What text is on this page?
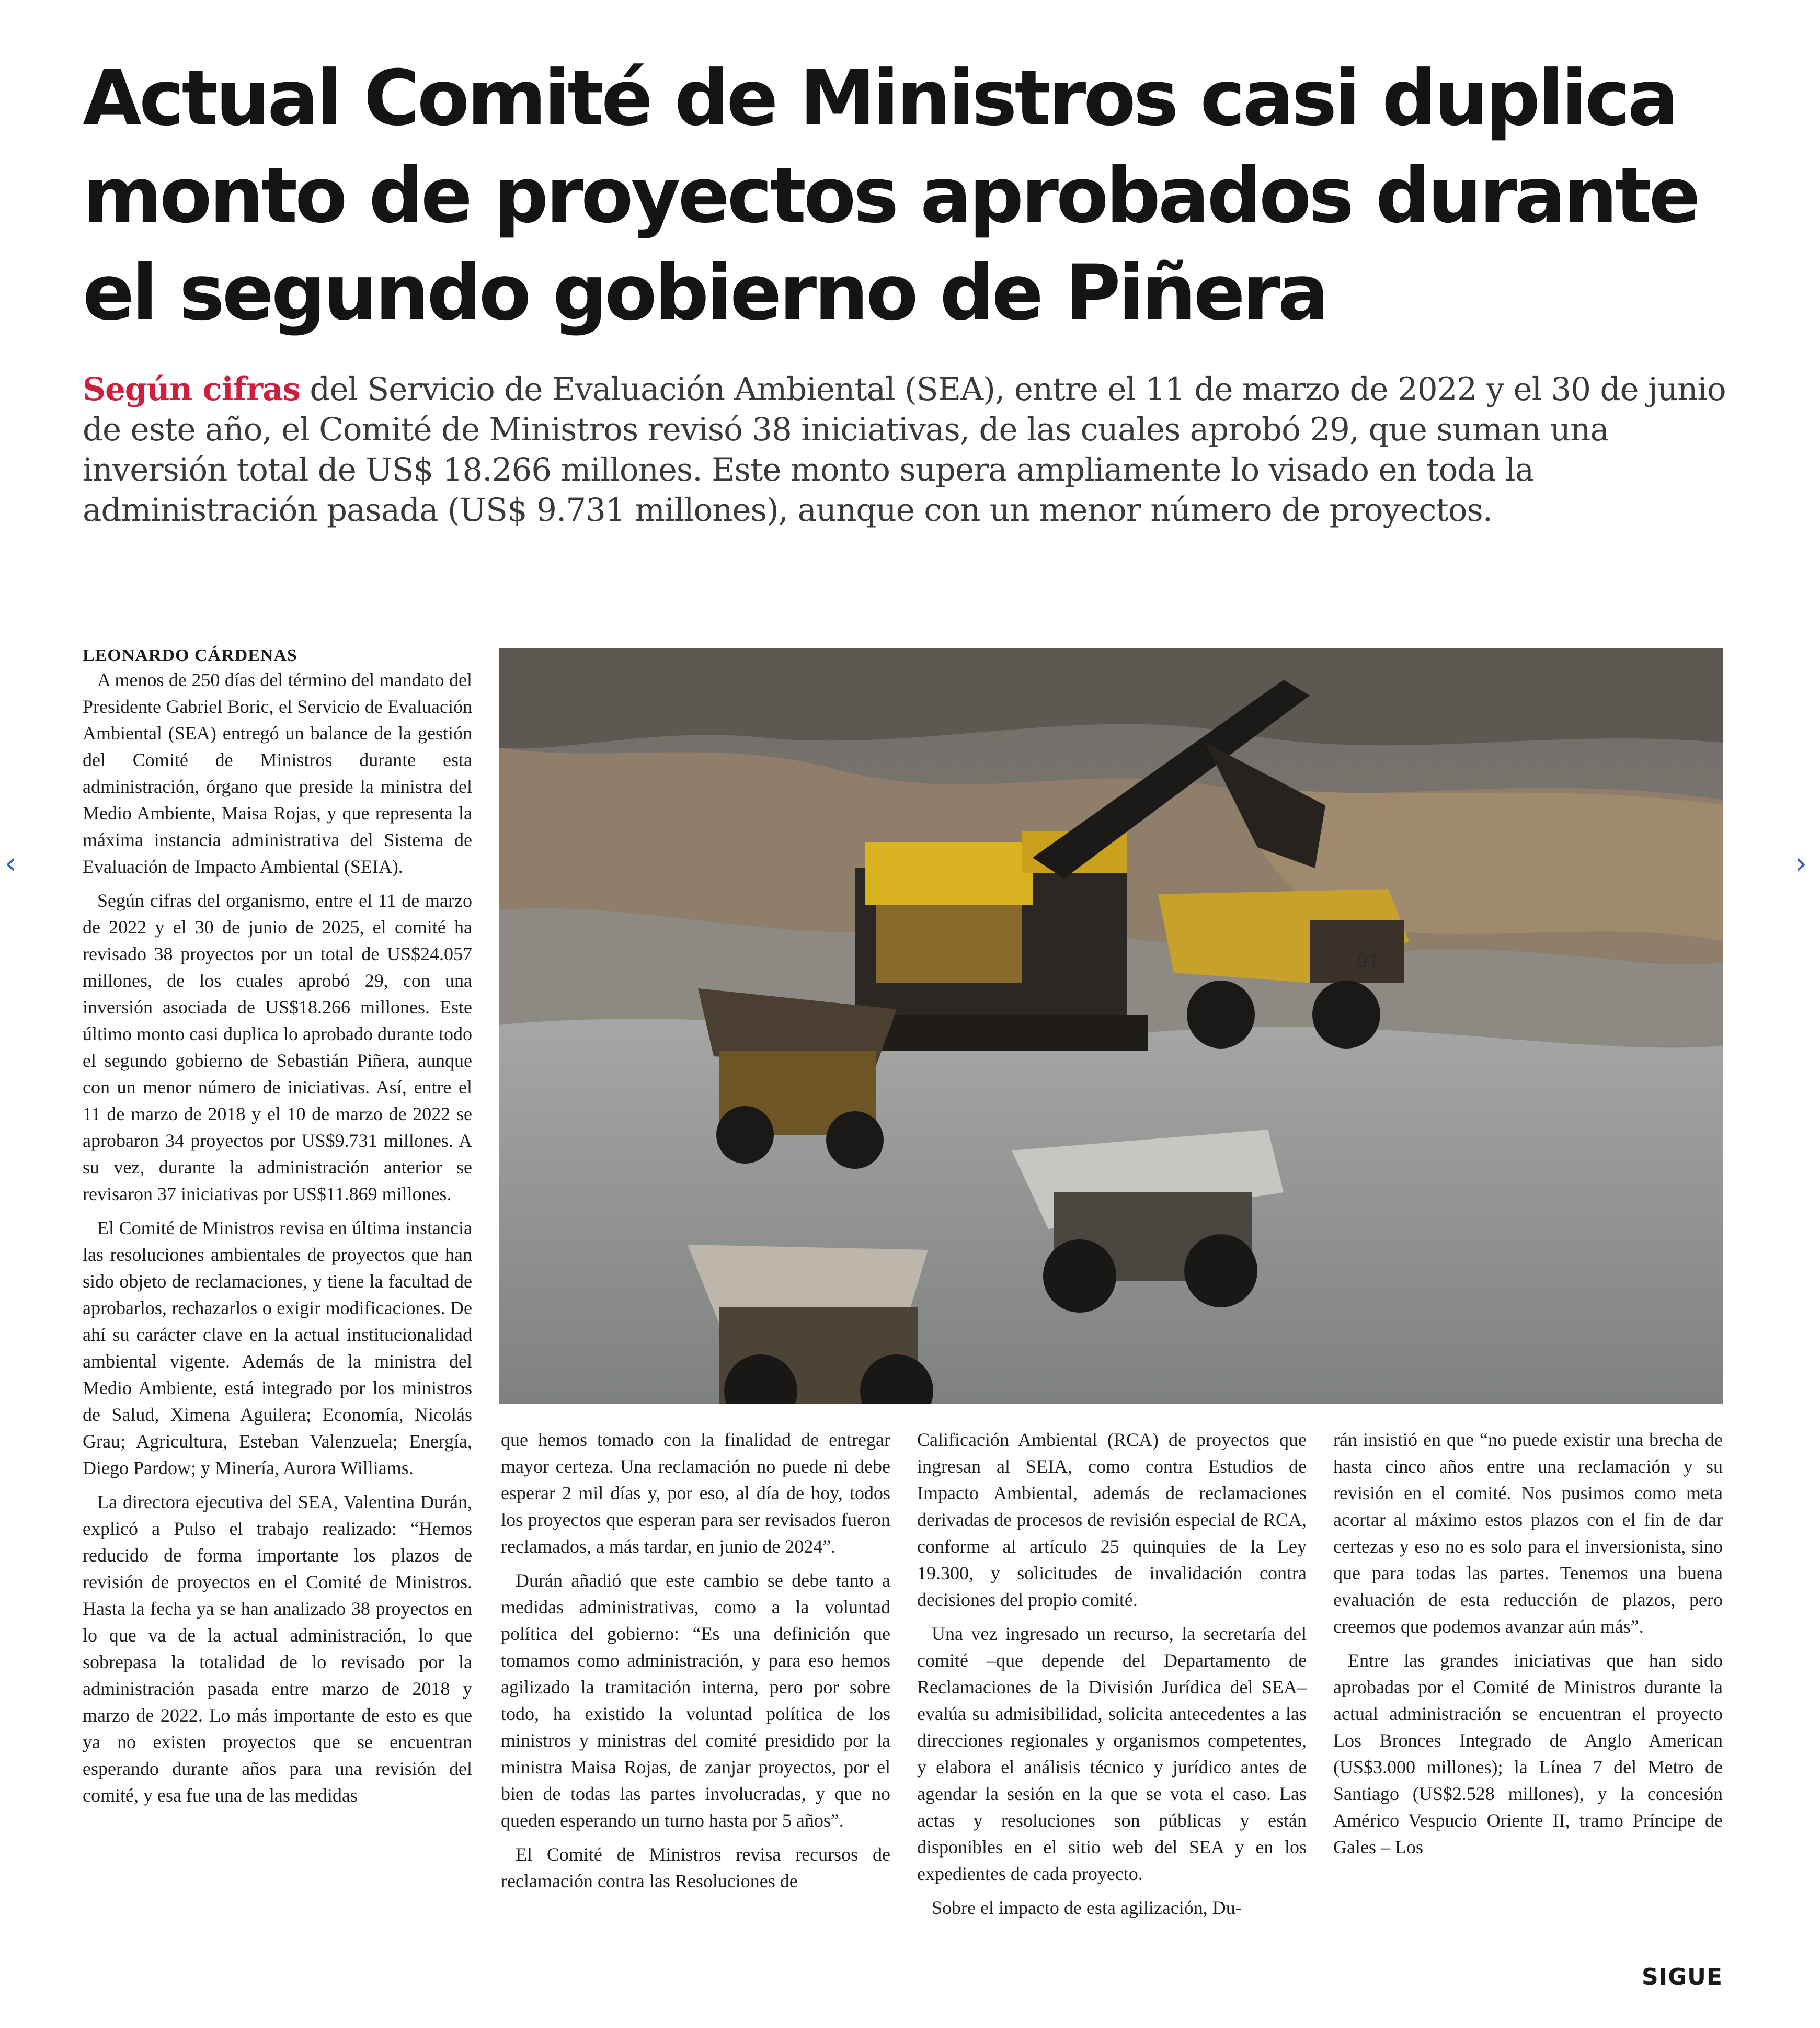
Actual Comité de Ministros casi duplica
monto de proyectos aprobados durante
el segundo gobierno de Piñera

Según cifras del Servicio de Evaluación Ambiental (SEA), entre el 11 de marzo de 2022 y el 30 de junio de este año, el Comité de Ministros revisó 38 iniciativas, de las cuales aprobó 29, que suman una inversión total de US$ 18.266 millones. Este monto supera ampliamente lo visado en toda la administración pasada (US$ 9.731 millones), aunque con un menor número de proyectos.

LEONARDO CÁRDENAS

A menos de 250 días del término del mandato del Presidente Gabriel Boric, el Servicio de Evaluación Ambiental (SEA) entregó un balance de la gestión del Comité de Ministros durante esta administración, órgano que preside la ministra del Medio Ambiente, Maisa Rojas, y que representa la máxima instancia administrativa del Sistema de Evaluación de Impacto Ambiental (SEIA).

Según cifras del organismo, entre el 11 de marzo de 2022 y el 30 de junio de 2025, el comité ha revisado 38 proyectos por un total de US$24.057 millones, de los cuales aprobó 29, con una inversión asociada de US$18.266 millones. Este último monto casi duplica lo aprobado durante todo el segundo gobierno de Sebastián Piñera, aunque con un menor número de iniciativas. Así, entre el 11 de marzo de 2018 y el 10 de marzo de 2022 se aprobaron 34 proyectos por US$9.731 millones. A su vez, durante la administración anterior se revisaron 37 iniciativas por US$11.869 millones.

El Comité de Ministros revisa en última instancia las resoluciones ambientales de proyectos que han sido objeto de reclamaciones, y tiene la facultad de aprobarlos, rechazarlos o exigir modificaciones. De ahí su carácter clave en la actual institucionalidad ambiental vigente. Además de la ministra del Medio Ambiente, está integrado por los ministros de Salud, Ximena Aguilera; Economía, Nicolás Grau; Agricultura, Esteban Valenzuela; Energía, Diego Pardow; y Minería, Aurora Williams.

La directora ejecutiva del SEA, Valentina Durán, explicó a Pulso el trabajo realizado: “Hemos reducido de forma importante los plazos de revisión de proyectos en el Comité de Ministros. Hasta la fecha ya se han analizado 38 proyectos en lo que va de la actual administración, lo que sobrepasa la totalidad de lo revisado por la administración pasada entre marzo de 2018 y marzo de 2022. Lo más importante de esto es que ya no existen proyectos que se encuentran esperando durante años para una revisión del comité, y esa fue una de las medidas

91

que hemos tomado con la finalidad de entregar mayor certeza. Una reclamación no puede ni debe esperar 2 mil días y, por eso, al día de hoy, todos los proyectos que esperan para ser revisados fueron reclamados, a más tardar, en junio de 2024”.

Durán añadió que este cambio se debe tanto a medidas administrativas, como a la voluntad política del gobierno: “Es una definición que tomamos como administración, y para eso hemos agilizado la tramitación interna, pero por sobre todo, ha existido la voluntad política de los ministros y ministras del comité presidido por la ministra Maisa Rojas, de zanjar proyectos, por el bien de todas las partes involucradas, y que no queden esperando un turno hasta por 5 años”.

El Comité de Ministros revisa recursos de reclamación contra las Resoluciones de

Calificación Ambiental (RCA) de proyectos que ingresan al SEIA, como contra Estudios de Impacto Ambiental, además de reclamaciones derivadas de procesos de revisión especial de RCA, conforme al artículo 25 quinquies de la Ley 19.300, y solicitudes de invalidación contra decisiones del propio comité.

Una vez ingresado un recurso, la secretaría del comité –que depende del Departamento de Reclamaciones de la División Jurídica del SEA– evalúa su admisibilidad, solicita antecedentes a las direcciones regionales y organismos competentes, y elabora el análisis técnico y jurídico antes de agendar la sesión en la que se vota el caso. Las actas y resoluciones son públicas y están disponibles en el sitio web del SEA y en los expedientes de cada proyecto.

Sobre el impacto de esta agilización, Du-

rán insistió en que “no puede existir una brecha de hasta cinco años entre una reclamación y su revisión en el comité. Nos pusimos como meta acortar al máximo estos plazos con el fin de dar certezas y eso no es solo para el inversionista, sino que para todas las partes. Tenemos una buena evaluación de esta reducción de plazos, pero creemos que podemos avanzar aún más”.

Entre las grandes iniciativas que han sido aprobadas por el Comité de Ministros durante la actual administración se encuentran el proyecto Los Bronces Integrado de Anglo American (US$3.000 millones); la Línea 7 del Metro de Santiago (US$2.528 millones), y la concesión Américo Vespucio Oriente II, tramo Príncipe de Gales – Los

‹	›
SIGUE
